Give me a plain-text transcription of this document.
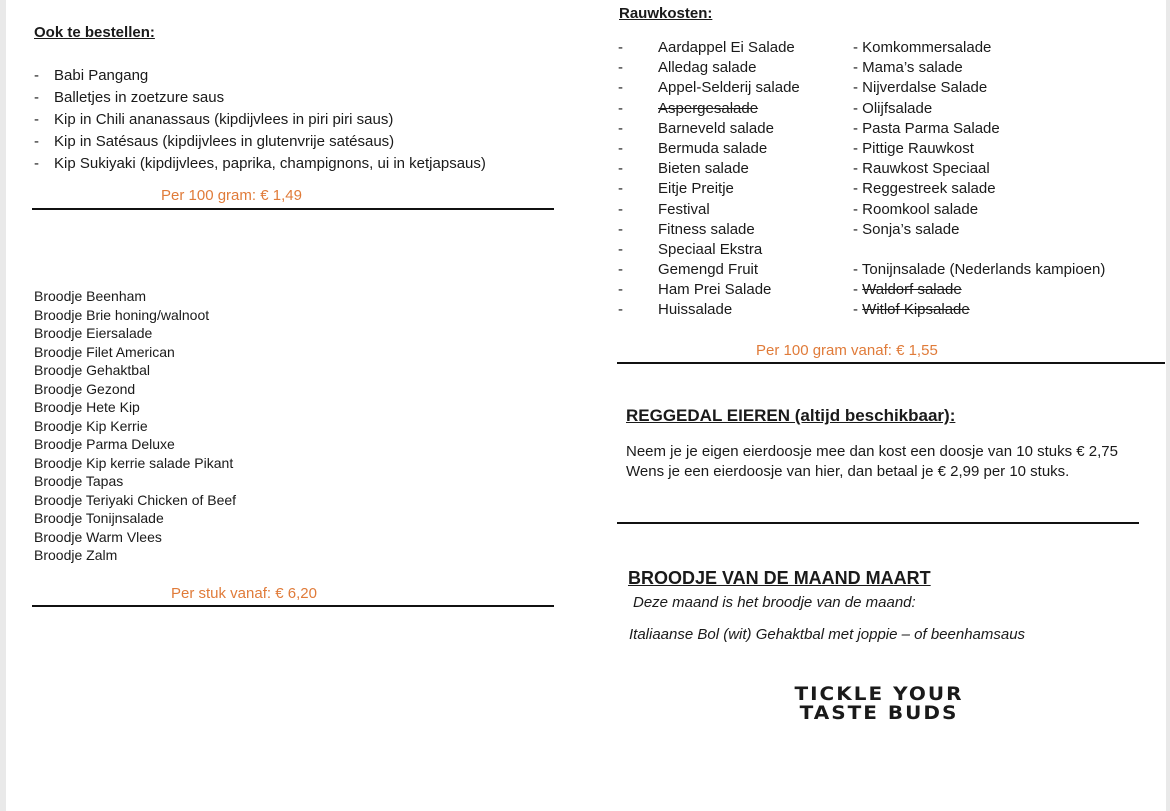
Ook te bestellen:
- Babi Pangang
- Balletjes in zoetzure saus
- Kip in Chili ananassaus (kipdijvlees in piri piri saus)
- Kip in Satésaus (kipdijvlees in glutenvrije satésaus)
- Kip Sukiyaki (kipdijvlees, paprika, champignons, ui in ketjapsaus)
Per 100 gram: € 1,49
Broodje Beenham
Broodje Brie honing/walnoot
Broodje Eiersalade
Broodje Filet American
Broodje Gehaktbal
Broodje Gezond
Broodje Hete Kip
Broodje Kip Kerrie
Broodje Parma Deluxe
Broodje Kip kerrie salade Pikant
Broodje Tapas
Broodje Teriyaki Chicken of Beef
Broodje Tonijnsalade
Broodje Warm Vlees
Broodje Zalm
Per stuk vanaf: € 6,20
Rauwkosten:
- Aardappel Ei Salade	- Komkommersalade
- Alledag salade	- Mama’s salade
- Appel-Selderij salade	- Nijverdalse Salade
- Aspergesalade	- Olijfsalade
- Barneveld salade	- Pasta Parma Salade
- Bermuda salade	- Pittige Rauwkost
- Bieten salade	- Rauwkost Speciaal
- Eitje Preitje	- Reggestreek salade
- Festival	- Roomkool salade
- Fitness salade	- Sonja’s salade
- Speciaal Ekstra
- Gemengd Fruit	- Tonijnsalade (Nederlands kampioen)
- Ham Prei Salade	- Waldorf salade
- Huissalade	- Witlof Kipsalade
Per 100 gram vanaf: € 1,55
REGGEDAL EIEREN (altijd beschikbaar):
Neem je je eigen eierdoosje mee dan kost een doosje van 10 stuks € 2,75
Wens je een eierdoosje van hier, dan betaal je € 2,99 per 10 stuks.
BROODJE VAN DE MAAND MAART
Deze maand is het broodje van de maand:
Italiaanse Bol (wit) Gehaktbal met joppie – of beenhamsaus
TICKLE YOUR
TASTE BUDS
